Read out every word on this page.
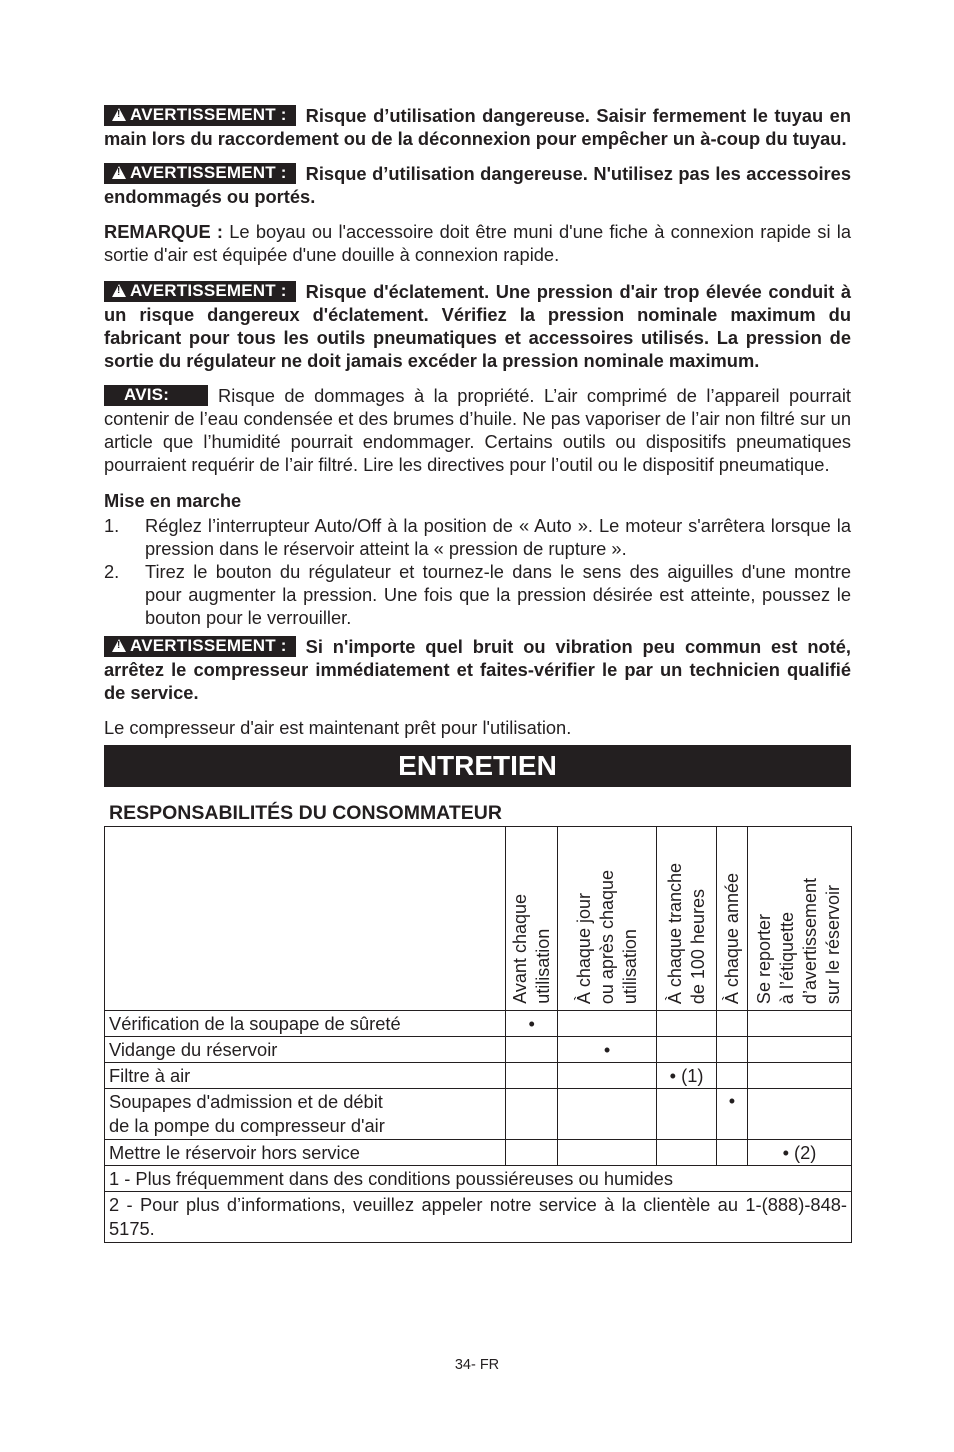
!AVERTISSEMENT : Risque d’utilisation dangereuse. Saisir fermement le tuyau en main lors du raccordement ou de la déconnexion pour empêcher un à-coup du tuyau.

!AVERTISSEMENT : Risque d’utilisation dangereuse. N'utilisez pas les accessoires endommagés ou portés.

REMARQUE : Le boyau ou l'accessoire doit être muni d'une fiche à connexion rapide si la sortie d'air est équipée d'une douille à connexion rapide.

!AVERTISSEMENT : Risque d'éclatement. Une pression d'air trop élevée conduit à un risque dangereux d'éclatement. Vérifiez la pression nominale maximum du fabricant pour tous les outils pneumatiques et accessoires utilisés. La pression de sortie du régulateur ne doit jamais excéder la pression nominale maximum.

AVIS:	Risque de dommages à la propriété. L’air comprimé de l’appareil pourrait contenir de l’eau condensée et des brumes d’huile. Ne pas vaporiser de l’air non filtré sur un article que l’humidité pourrait endommager. Certains outils ou dispositifs pneumatiques pourraient requérir de l’air filtré. Lire les directives pour l’outil ou le dispositif pneumatique.

Mise en marche
1. Réglez l’interrupteur Auto/Off à la position de « Auto ». Le moteur s'arrêtera lorsque la pression dans le réservoir atteint la « pression de rupture ».
2. Tirez le bouton du régulateur et tournez-le dans le sens des aiguilles d'une montre pour augmenter la pression. Une fois que la pression désirée est atteinte, poussez le bouton pour le verrouiller.

!AVERTISSEMENT : Si n'importe quel bruit ou vibration peu commun est noté, arrêtez le compresseur immédiatement et faites-vérifier le par un technicien qualifié de service.

Le compresseur d'air est maintenant prêt pour l'utilisation.

ENTRETIEN
RESPONSABILITÉS DU CONSOMMATEUR

	Avant chaque
utilisation	À chaque jour
ou après chaque
utilisation	À chaque tranche
de 100 heures	À chaque année	Se reporter
à l’étiquette
d’avertissement
sur le réservoir

Vérification de la soupape de sûreté	•				
Vidange du réservoir		•			
Filtre à air			• (1)		
Soupapes d'admission et de débit
de la pompe du compresseur d'air				•	
Mettre le réservoir hors service					• (2)
1 - Plus fréquemment dans des conditions poussiéreuses ou humides					

2 - Pour plus d’informations, veuillez appeler notre service à la clientèle au 1-(888)-848-5175.					
34- FR
